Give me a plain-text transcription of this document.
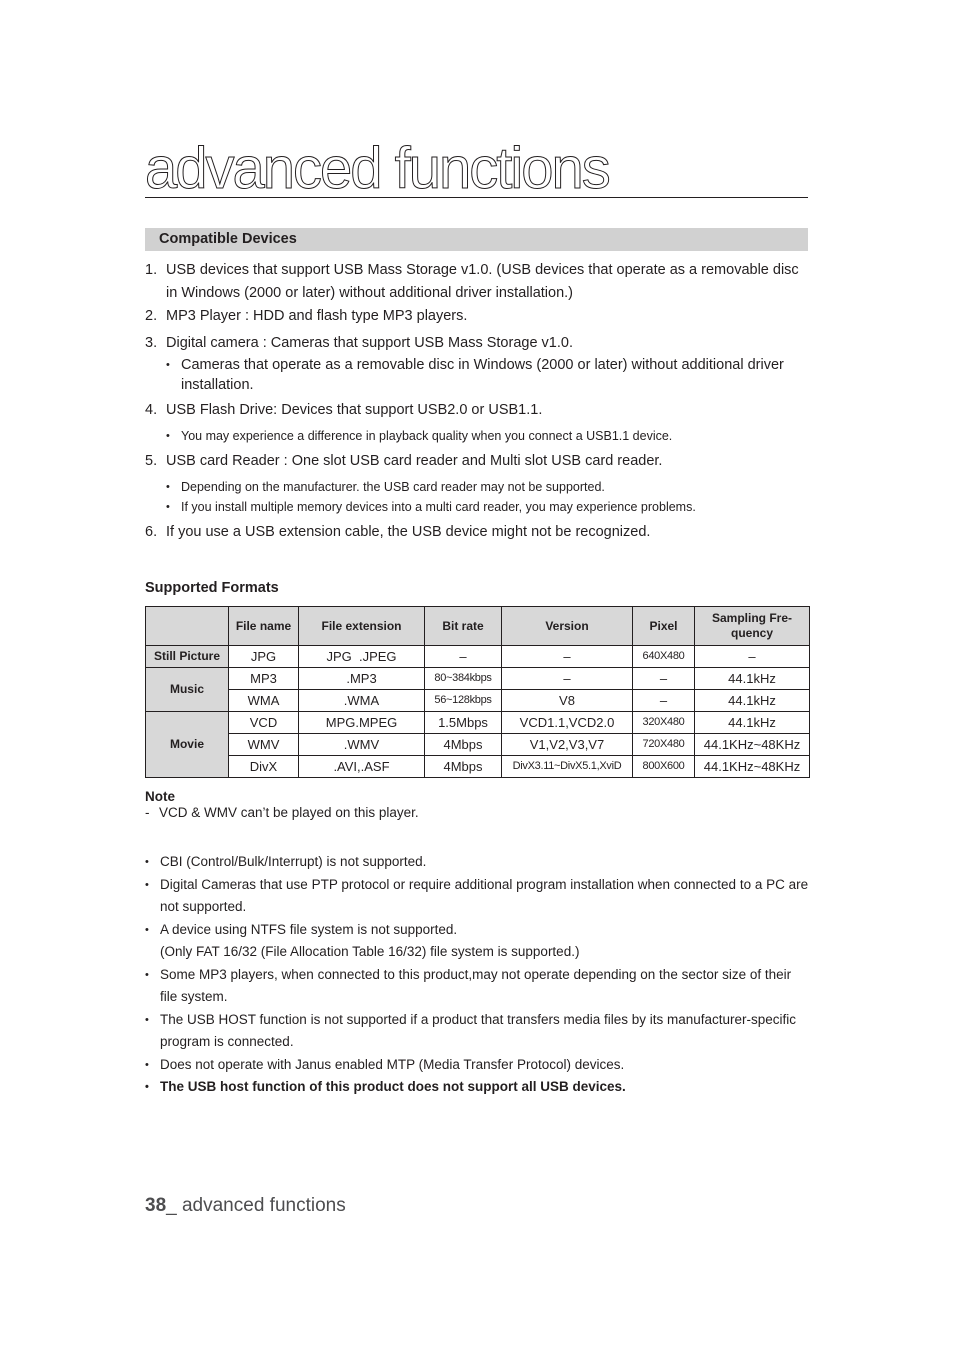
advanced functions
Compatible Devices
1. USB devices that support USB Mass Storage v1.0. (USB devices that operate as a removable disc in Windows (2000 or later) without additional driver installation.)
2. MP3 Player : HDD and flash type MP3 players.
3. Digital camera : Cameras that support USB Mass Storage v1.0.
• Cameras that operate as a removable disc in Windows (2000 or later) without additional driver installation.
4. USB Flash Drive: Devices that support USB2.0 or USB1.1.
• You may experience a difference in playback quality when you connect a USB1.1 device.
5. USB card Reader : One slot USB card reader and Multi slot USB card reader.
• Depending on the manufacturer. the USB card reader may not be supported.
• If you install multiple memory devices into a multi card reader, you may experience problems.
6. If you use a USB extension cable, the USB device might not be recognized.
Supported Formats
	File name	File extension	Bit rate	Version	Pixel	Sampling Fre-quency
Still Picture	JPG	JPG  .JPEG	–	–	640X480	–
Music	MP3	.MP3	80~384kbps	–	–	44.1kHz
	WMA	.WMA	56~128kbps	V8	–	44.1kHz
Movie	VCD	MPG.MPEG	1.5Mbps	VCD1.1,VCD2.0	320X480	44.1kHz
	WMV	.WMV	4Mbps	V1,V2,V3,V7	720X480	44.1KHz~48KHz
	DivX	.AVI,.ASF	4Mbps	DivX3.11~DivX5.1,XviD	800X600	44.1KHz~48KHz
Note
- VCD & WMV can’t be played on this player.
• CBI (Control/Bulk/Interrupt) is not supported.
• Digital Cameras that use PTP protocol or require additional program installation when connected to a PC are not supported.
• A device using NTFS file system is not supported.
(Only FAT 16/32 (File Allocation Table 16/32) file system is supported.)
• Some MP3 players, when connected to this product,may not operate depending on the sector size of their file system.
• The USB HOST function is not supported if a product that transfers media files by its manufacturer-specific program is connected.
• Does not operate with Janus enabled MTP (Media Transfer Protocol) devices.
• The USB host function of this product does not support all USB devices.
38_ advanced functions
